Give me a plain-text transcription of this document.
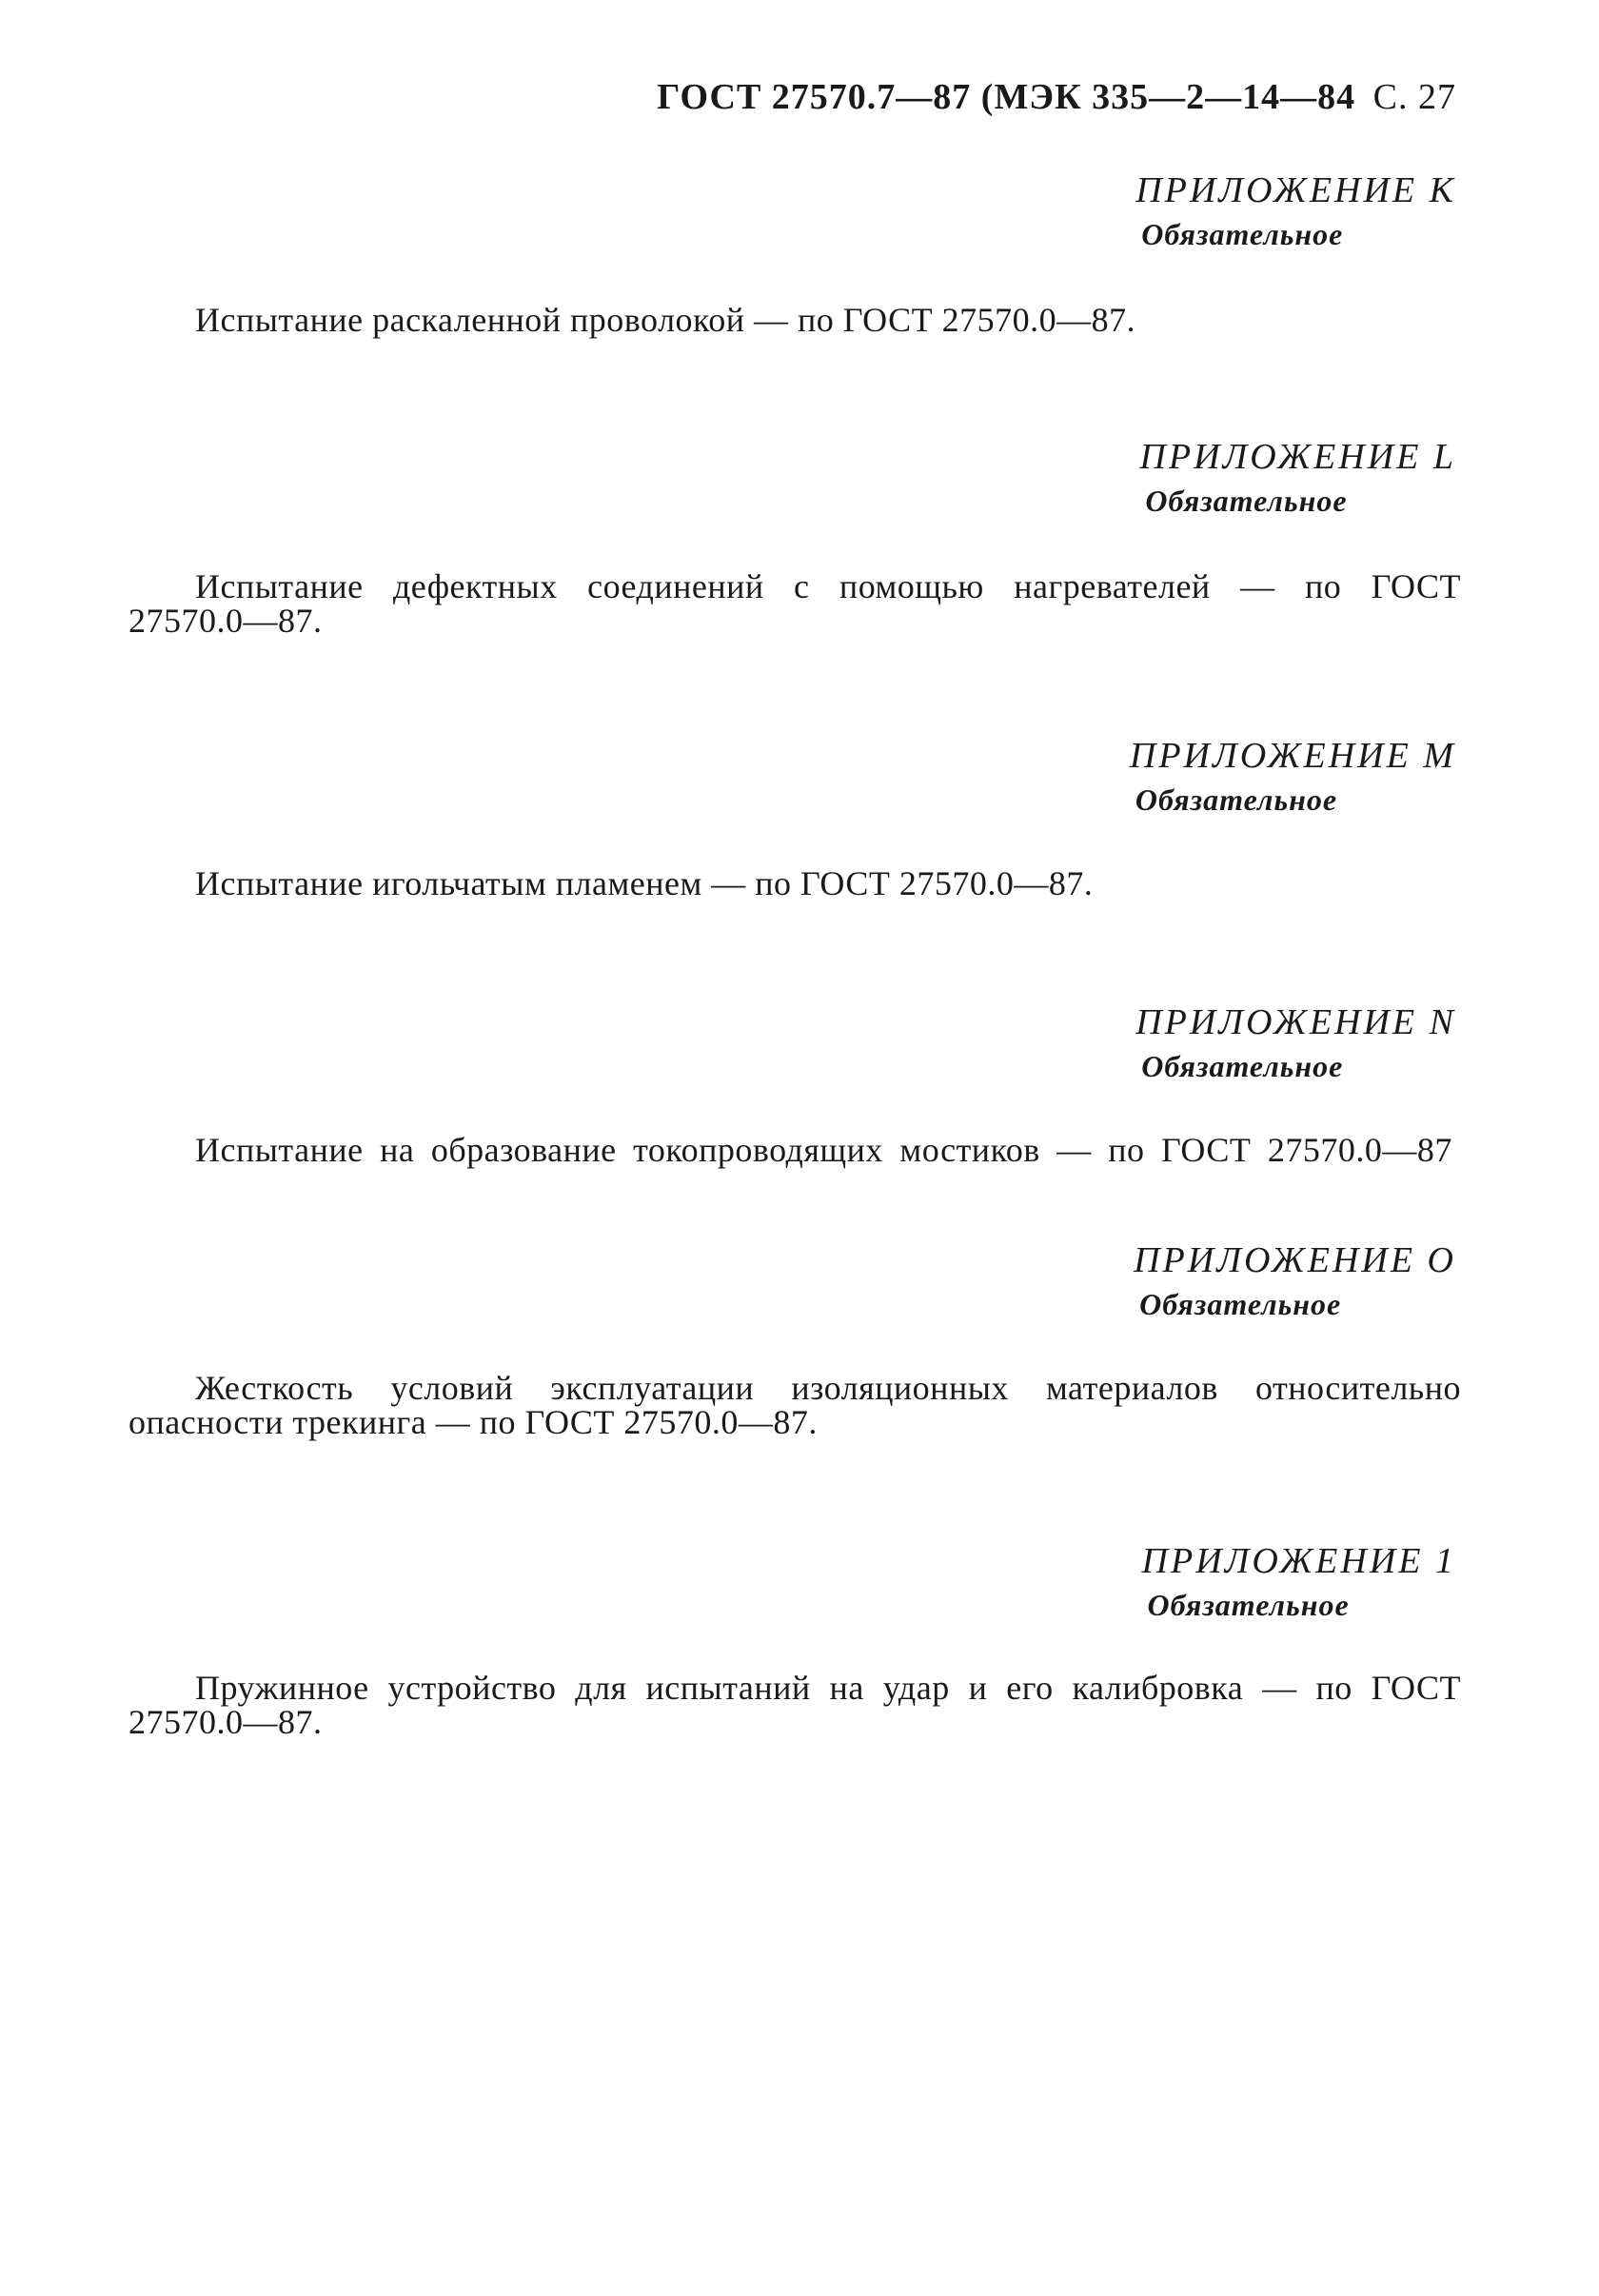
ГОСТ 27570.7—87 (МЭК 335—2—14—84 С. 27
ПРИЛОЖЕНИЕ K
Обязательное
Испытание раскаленной проволокой — по ГОСТ 27570.0—87.
ПРИЛОЖЕНИЕ L
Обязательное
Испытание дефектных соединений с помощью нагревателей — по ГОСТ 27570.0—87.
ПРИЛОЖЕНИЕ M
Обязательное
Испытание игольчатым пламенем — по ГОСТ 27570.0—87.
ПРИЛОЖЕНИЕ N
Обязательное
Испытание на образование токопроводящих мостиков — по ГОСТ 27570.0—87
ПРИЛОЖЕНИЕ O
Обязательное
Жесткость условий эксплуатации изоляционных материалов относительно опасности трекинга — по ГОСТ 27570.0—87.
ПРИЛОЖЕНИЕ 1
Обязательное
Пружинное устройство для испытаний на удар и его калибровка — по ГОСТ 27570.0—87.
